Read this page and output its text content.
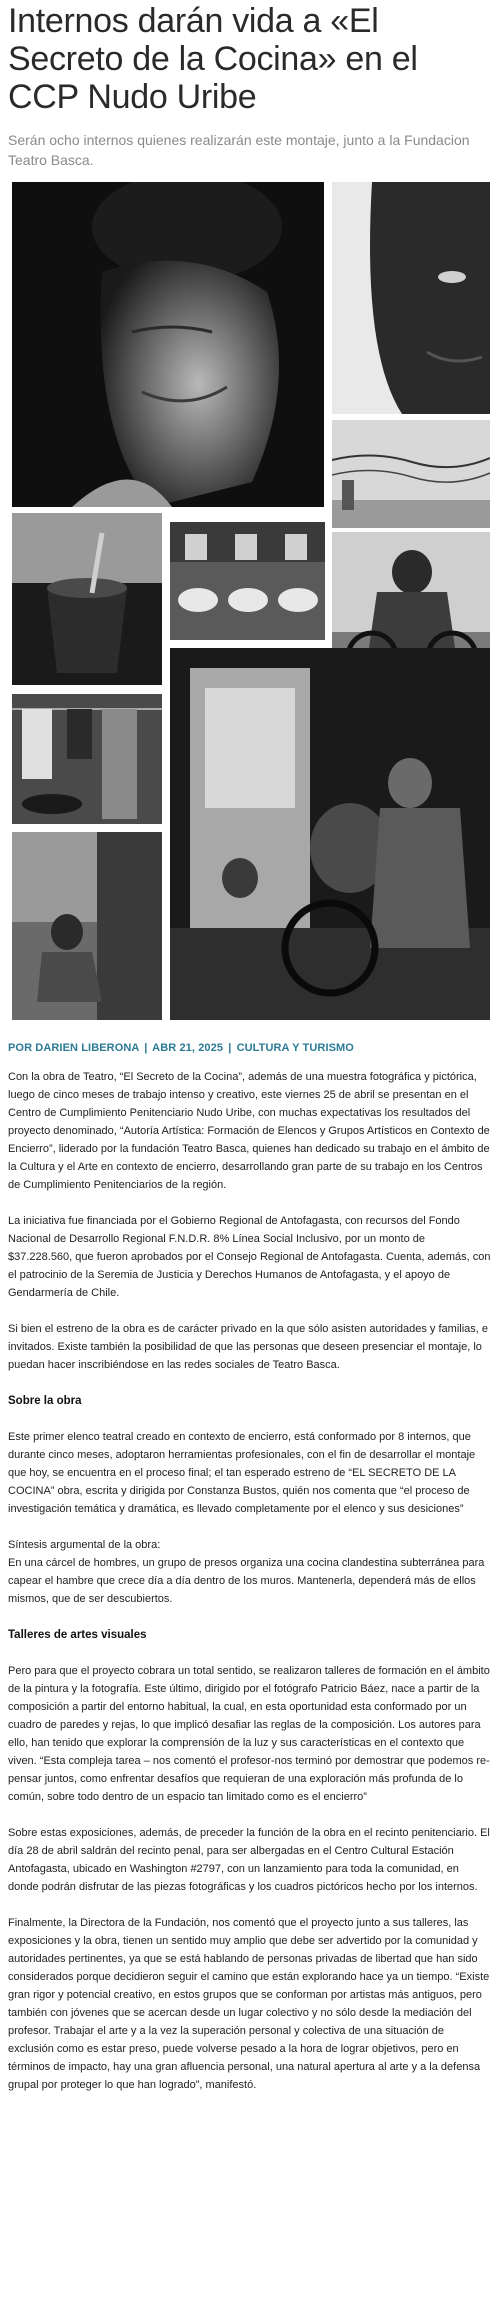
Internos darán vida a «El Secreto de la Cocina» en el CCP Nudo Uribe

Serán ocho internos quienes realizarán este montaje, junto a la Fundacion Teatro Basca.

POR DARIEN LIBERONA | ABR 21, 2025 | CULTURA Y TURISMO

Con la obra de Teatro, “El Secreto de la Cocina”, además de una muestra fotográfica y pictórica, luego de cinco meses de trabajo intenso y creativo, este viernes 25 de abril se presentan en el Centro de Cumplimiento Penitenciario Nudo Uribe, con muchas expectativas los resultados del proyecto denominado, “Autoría Artística: Formación de Elencos y Grupos Artísticos en Contexto de Encierro”, liderado por la fundación Teatro Basca, quienes han dedicado su trabajo en el ámbito de la Cultura y el Arte en contexto de encierro, desarrollando gran parte de su trabajo en los Centros de Cumplimiento Penitenciarios de la región.

La iniciativa fue financiada por el Gobierno Regional de Antofagasta, con recursos del Fondo Nacional de Desarrollo Regional F.N.D.R. 8% Línea Social Inclusivo, por un monto de $37.228.560, que fueron aprobados por el Consejo Regional de Antofagasta. Cuenta, además, con el patrocinio de la Seremia de Justicia y Derechos Humanos de Antofagasta, y el apoyo de Gendarmería de Chile.

Si bien el estreno de la obra es de carácter privado en la que sólo asisten autoridades y familias, e invitados. Existe también la posibilidad de que las personas que deseen presenciar el montaje, lo puedan hacer inscribiéndose en las redes sociales de Teatro Basca.

Sobre la obra

Este primer elenco teatral creado en contexto de encierro, está conformado por 8 internos, que durante cinco meses, adoptaron herramientas profesionales, con el fin de desarrollar el montaje que hoy, se encuentra en el proceso final; el tan esperado estreno de “EL SECRETO DE LA COCINA” obra, escrita y dirigida por Constanza Bustos, quién nos comenta que “el proceso de investigación temática y dramática, es llevado completamente por el elenco y sus desiciones”

Síntesis argumental de la obra:
En una cárcel de hombres, un grupo de presos organiza una cocina clandestina subterránea para capear el hambre que crece día a día dentro de los muros. Mantenerla, dependerá más de ellos mismos, que de ser descubiertos.

Talleres de artes visuales

Pero para que el proyecto cobrara un total sentido, se realizaron talleres de formación en el ámbito de la pintura y la fotografía. Este último, dirigido por el fotógrafo Patricio Báez, nace a partir de la composición a partir del entorno habitual, la cual, en esta oportunidad esta conformado por un cuadro de paredes y rejas, lo que implicó desafiar las reglas de la composición. Los autores para ello, han tenido que explorar la comprensión de la luz y sus características en el contexto que viven. “Esta compleja tarea – nos comentó el profesor-nos terminó por demostrar que podemos re- pensar juntos, como enfrentar desafíos que requieran de una exploración más profunda de lo común, sobre todo dentro de un espacio tan limitado como es el encierro”

Sobre estas exposiciones, además, de preceder la función de la obra en el recinto penitenciario. El día 28 de abril saldrán del recinto penal, para ser albergadas en el Centro Cultural Estación Antofagasta, ubicado en Washington #2797, con un lanzamiento para toda la comunidad, en donde podrán disfrutar de las piezas fotográficas y los cuadros pictóricos hecho por los internos.

Finalmente, la Directora de la Fundación, nos comentó que el proyecto junto a sus talleres, las exposiciones y la obra, tienen un sentido muy amplio que debe ser advertido por la comunidad y autoridades pertinentes, ya que se está hablando de personas privadas de libertad que han sido considerados porque decidieron seguir el camino que están explorando hace ya un tiempo. “Existe gran rigor y potencial creativo, en estos grupos que se conforman por artistas más antiguos, pero también con jóvenes que se acercan desde un lugar colectivo y no sólo desde la mediación del profesor. Trabajar el arte y a la vez la superación personal y colectiva de una situación de exclusión como es estar preso, puede volverse pesado a la hora de lograr objetivos, pero en términos de impacto, hay una gran afluencia personal, una natural apertura al arte y a la defensa grupal por proteger lo que han logrado”, manifestó.
